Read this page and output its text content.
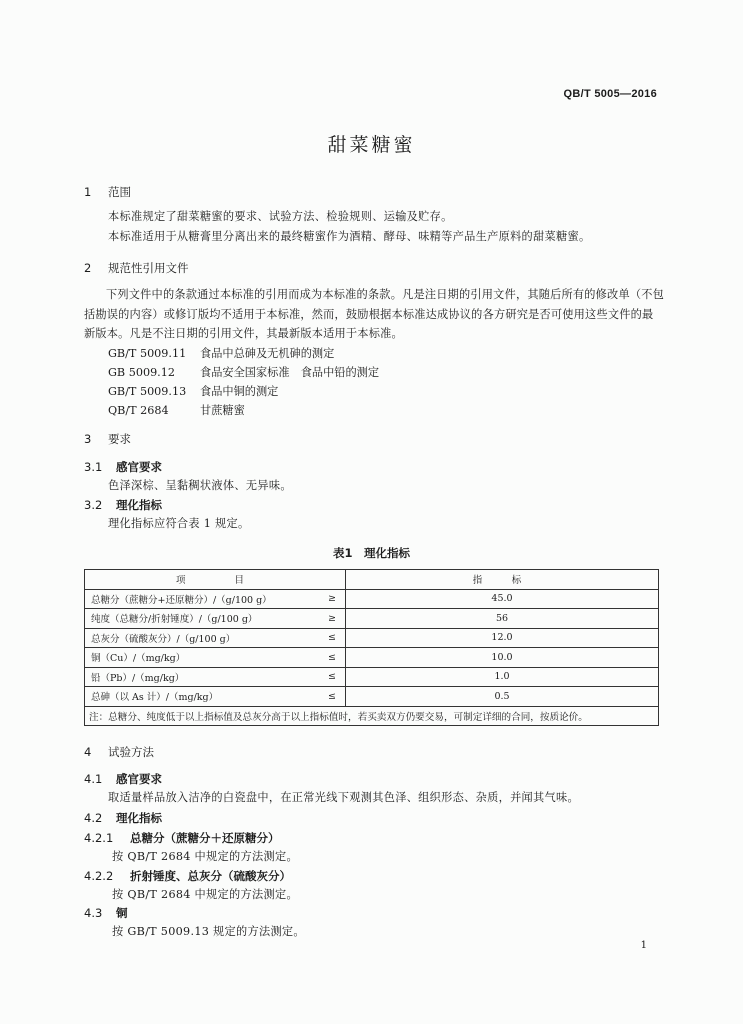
QB/T 5005—2016
甜菜糖蜜
1 范围
本标准规定了甜菜糖蜜的要求、试验方法、检验规则、运输及贮存。
本标准适用于从糖膏里分离出来的最终糖蜜作为酒精、酵母、味精等产品生产原料的甜菜糖蜜。
2 规范性引用文件
下列文件中的条款通过本标准的引用而成为本标准的条款。凡是注日期的引用文件，其随后所有的修改单（不包括勘误的内容）或修订版均不适用于本标准，然而，鼓励根据本标准达成协议的各方研究是否可使用这些文件的最新版本。凡是不注日期的引用文件，其最新版本适用于本标准。
GB/T 5009.11 食品中总砷及无机砷的测定
GB 5009.12 食品安全国家标准　食品中铅的测定
GB/T 5009.13 食品中铜的测定
QB/T 2684	甘蔗糖蜜
3 要求
3.1 感官要求
色泽深棕、呈黏稠状液体、无异味。
3.2 理化指标
理化指标应符合表 1 规定。
表1　理化指标
项　　目		指　标
总糖分（蔗糖分+还原糖分）/（g/100 g）	≥	45.0
纯度（总糖分/折射锤度）/（g/100 g）	≥	56
总灰分（硫酸灰分）/（g/100 g）	≤	12.0
铜（Cu）/（mg/kg）	≤	10.0
铅（Pb）/（mg/kg）	≤	1.0
总砷（以 As 计）/（mg/kg）	≤	0.5
注：总糖分、纯度低于以上指标值及总灰分高于以上指标值时，若买卖双方仍要交易，可制定详细的合同，按质论价。		
4 试验方法
4.1 感官要求
取适量样品放入洁净的白瓷盘中，在正常光线下观测其色泽、组织形态、杂质，并闻其气味。
4.2 理化指标
4.2.1 总糖分（蔗糖分＋还原糖分）
按 QB/T 2684 中规定的方法测定。
4.2.2 折射锤度、总灰分（硫酸灰分）
按 QB/T 2684 中规定的方法测定。
4.3 铜
按 GB/T 5009.13 规定的方法测定。
1
